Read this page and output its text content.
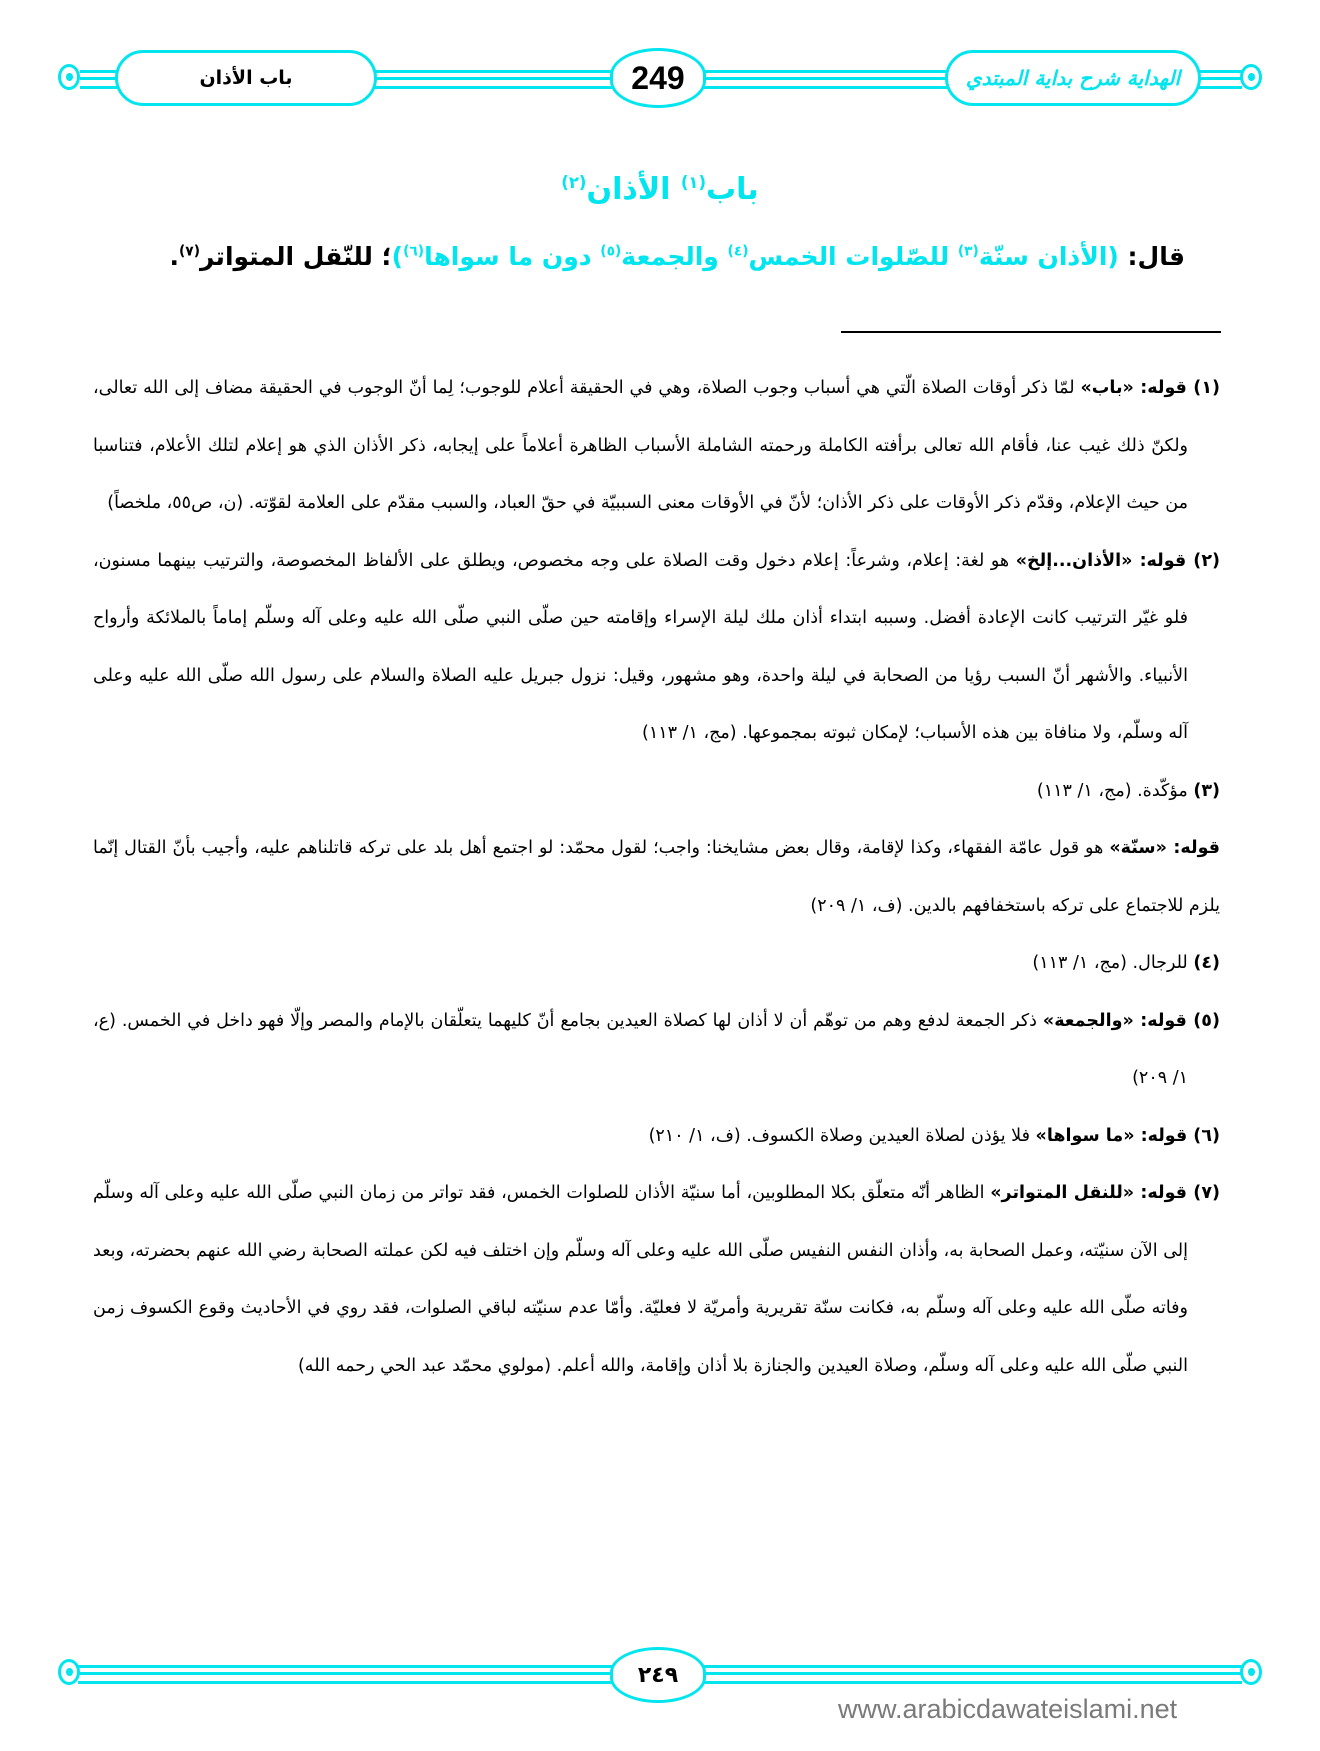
باب الأذان	249	الهداية شرح بداية المبتدي
باب$^{(١)}$ الأذان$^{(٢)}$
قال: (الأذان سنّة$^{(٣)}$ للصّلوات الخمس$^{(٤)}$ والجمعة$^{(٥)}$ دون ما سواها$^{(٦)}$)؛ للنّقل المتواتر$^{(٧)}$.

(١) قوله: «باب» لمّا ذكر أوقات الصلاة الّتي هي أسباب وجوب الصلاة، وهي في الحقيقة أعلام للوجوب؛ لِما أنّ الوجوب في الحقيقة مضاف إلى الله تعالى، ولكنّ ذلك غيب عنا، فأقام الله تعالى برأفته الكاملة ورحمته الشاملة الأسباب الظاهرة أعلاماً على إيجابه، ذكر الأذان الذي هو إعلام لتلك الأعلام، فتناسبا من حيث الإعلام، وقدّم ذكر الأوقات على ذكر الأذان؛ لأنّ في الأوقات معنى السببيّة في حقّ العباد، والسبب مقدّم على العلامة لقوّته. (ن، ص٥٥، ملخصاً)

(٢) قوله: «الأذان...إلخ» هو لغة: إعلام، وشرعاً: إعلام دخول وقت الصلاة على وجه مخصوص، ويطلق على الألفاظ المخصوصة، والترتيب بينهما مسنون، فلو غيّر الترتيب كانت الإعادة أفضل. وسببه ابتداء أذان ملك ليلة الإسراء وإقامته حين صلّى النبي صلّى الله عليه وعلى آله وسلّم إماماً بالملائكة وأرواح الأنبياء. والأشهر أنّ السبب رؤيا من الصحابة في ليلة واحدة، وهو مشهور، وقيل: نزول جبريل عليه الصلاة والسلام على رسول الله صلّى الله عليه وعلى آله وسلّم، ولا منافاة بين هذه الأسباب؛ لإمكان ثبوته بمجموعها. (مج، ١/ ١١٣)

(٣) مؤكّدة. (مج، ١/ ١١٣)

قوله: «سنّة» هو قول عامّة الفقهاء، وكذا لإقامة، وقال بعض مشايخنا: واجب؛ لقول محمّد: لو اجتمع أهل بلد على تركه قاتلناهم عليه، وأجيب بأنّ القتال إنّما يلزم للاجتماع على تركه باستخفافهم بالدين. (ف، ١/ ٢٠٩)

(٤) للرجال. (مج، ١/ ١١٣)

(٥) قوله: «والجمعة» ذكر الجمعة لدفع وهم من توهّم أن لا أذان لها كصلاة العيدين بجامع أنّ كليهما يتعلّقان بالإمام والمصر وإلّا فهو داخل في الخمس. (ع، ١/ ٢٠٩)

(٦) قوله: «ما سواها» فلا يؤذن لصلاة العيدين وصلاة الكسوف. (ف، ١/ ٢١٠)

(٧) قوله: «للنقل المتواتر» الظاهر أنّه متعلّق بكلا المطلوبين، أما سنيّة الأذان للصلوات الخمس، فقد تواتر من زمان النبي صلّى الله عليه وعلى آله وسلّم إلى الآن سنيّته، وعمل الصحابة به، وأذان النفس النفيس صلّى الله عليه وعلى آله وسلّم وإن اختلف فيه لكن عملته الصحابة رضي الله عنهم بحضرته، وبعد وفاته صلّى الله عليه وعلى آله وسلّم به، فكانت سنّة تقريرية وأمريّة لا فعليّة. وأمّا عدم سنيّته لباقي الصلوات، فقد روي في الأحاديث وقوع الكسوف زمن النبي صلّى الله عليه وعلى آله وسلّم، وصلاة العيدين والجنازة بلا أذان وإقامة، والله أعلم. (مولوي محمّد عبد الحي رحمه الله)

٢٤٩
www.arabicdawateislami.net
